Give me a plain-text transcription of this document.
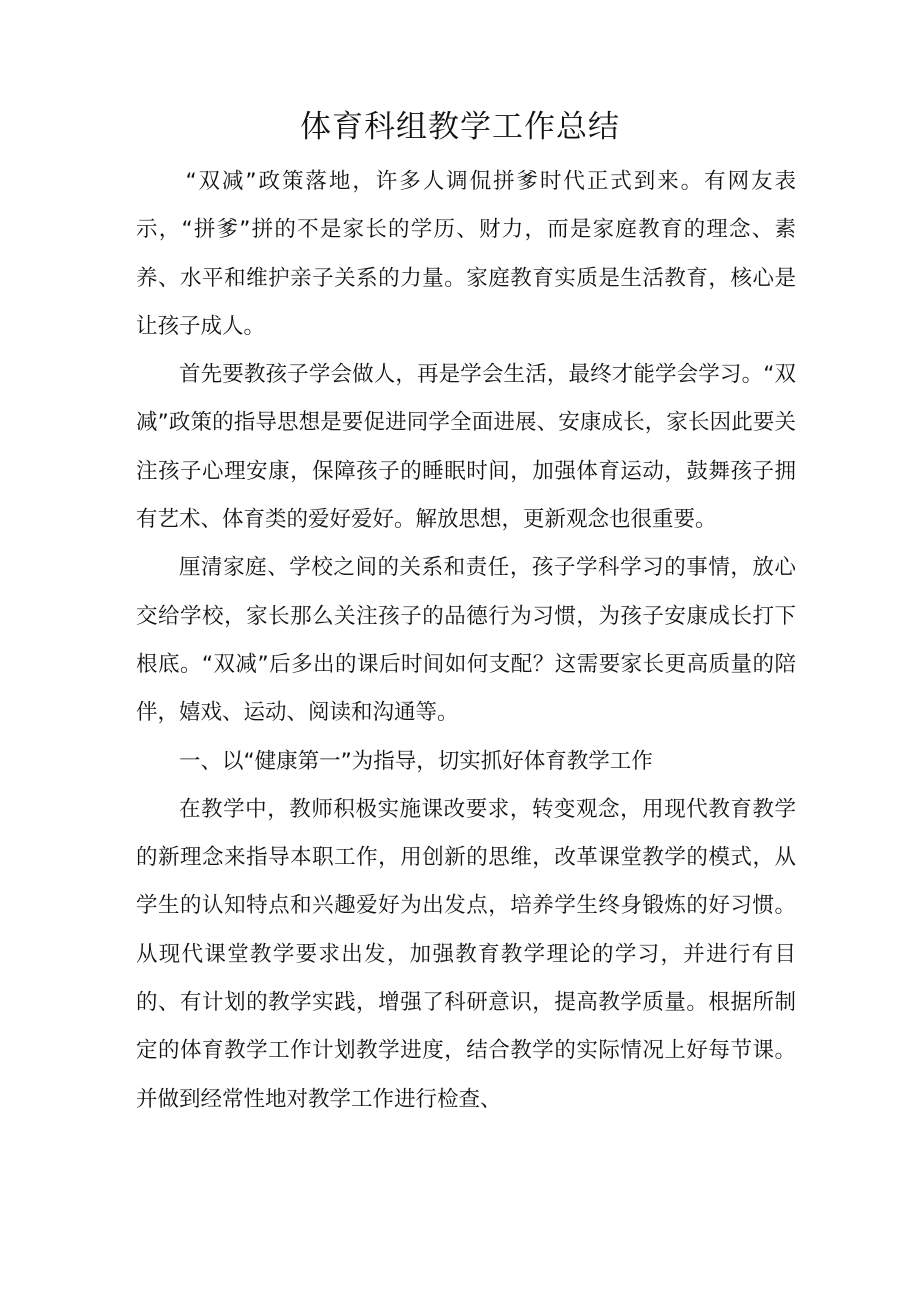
体育科组教学工作总结

“双减”政策落地，许多人调侃拼爹时代正式到来。有网友表示，“拼爹”拼的不是家长的学历、财力，而是家庭教育的理念、素养、水平和维护亲子关系的力量。家庭教育实质是生活教育，核心是让孩子成人。

首先要教孩子学会做人，再是学会生活，最终才能学会学习。“双减”政策的指导思想是要促进同学全面进展、安康成长，家长因此要关注孩子心理安康，保障孩子的睡眠时间，加强体育运动，鼓舞孩子拥有艺术、体育类的爱好爱好。解放思想，更新观念也很重要。

厘清家庭、学校之间的关系和责任，孩子学科学习的事情，放心交给学校，家长那么关注孩子的品德行为习惯，为孩子安康成长打下根底。“双减”后多出的课后时间如何支配？这需要家长更高质量的陪伴，嬉戏、运动、阅读和沟通等。

一、以“健康第一”为指导，切实抓好体育教学工作

在教学中，教师积极实施课改要求，转变观念，用现代教育教学的新理念来指导本职工作，用创新的思维，改革课堂教学的模式，从学生的认知特点和兴趣爱好为出发点，培养学生终身锻炼的好习惯。从现代课堂教学要求出发，加强教育教学理论的学习，并进行有目的、有计划的教学实践，增强了科研意识，提高教学质量。根据所制定的体育教学工作计划教学进度，结合教学的实际情况上好每节课。并做到经常性地对教学工作进行检查、
